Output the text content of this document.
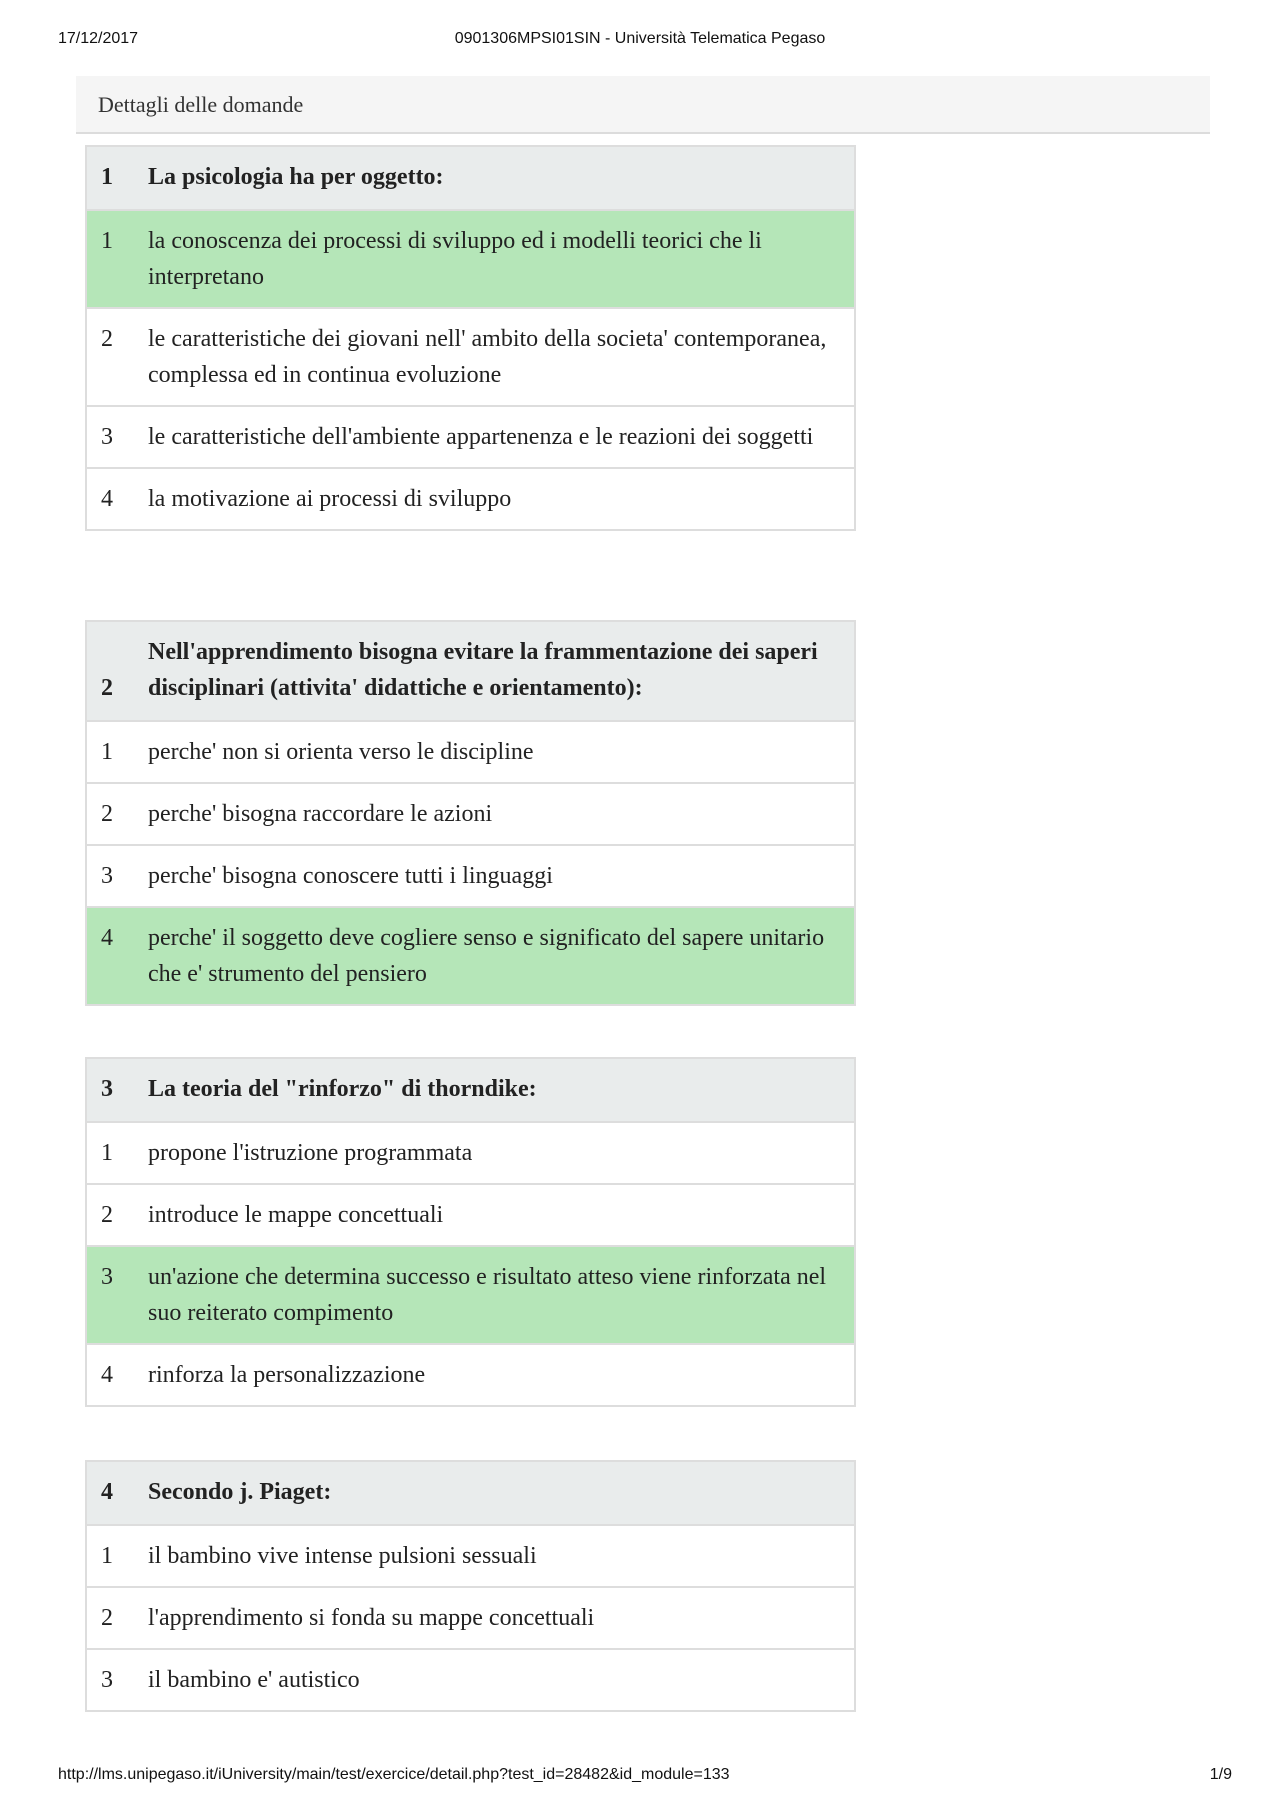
17/12/2017	0901306MPSI01SIN - Università Telematica Pegaso
Dettagli delle domande
1	La psicologia ha per oggetto:
1	la conoscenza dei processi di sviluppo ed i modelli teorici che li interpretano
2	le caratteristiche dei giovani nell' ambito della societa' contemporanea, complessa ed in continua evoluzione
3	le caratteristiche dell'ambiente appartenenza e le reazioni dei soggetti
4	la motivazione ai processi di sviluppo
2	Nell'apprendimento bisogna evitare la frammentazione dei saperi disciplinari (attivita' didattiche e orientamento):
1	perche' non si orienta verso le discipline
2	perche' bisogna raccordare le azioni
3	perche' bisogna conoscere tutti i linguaggi
4	perche' il soggetto deve cogliere senso e significato del sapere unitario che e' strumento del pensiero
3	La teoria del "rinforzo" di thorndike:
1	propone l'istruzione programmata
2	introduce le mappe concettuali
3	un'azione che determina successo e risultato atteso viene rinforzata nel suo reiterato compimento
4	rinforza la personalizzazione
4	Secondo j. Piaget:
1	il bambino vive intense pulsioni sessuali
2	l'apprendimento si fonda su mappe concettuali
3	il bambino e' autistico
http://lms.unipegaso.it/iUniversity/main/test/exercice/detail.php?test_id=28482&id_module=133	1/9
